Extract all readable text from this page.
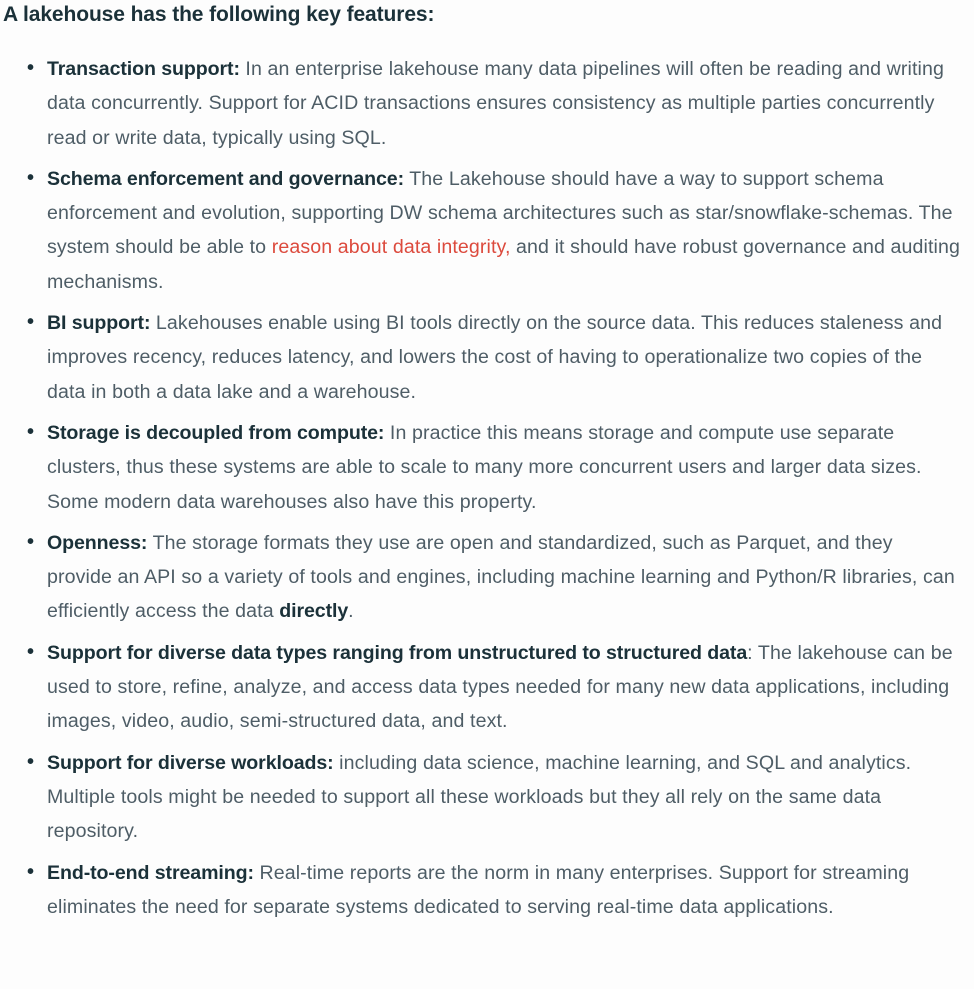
A lakehouse has the following key features:

• Transaction support: In an enterprise lakehouse many data pipelines will often be reading and writing data concurrently. Support for ACID transactions ensures consistency as multiple parties concurrently read or write data, typically using SQL.
• Schema enforcement and governance: The Lakehouse should have a way to support schema enforcement and evolution, supporting DW schema architectures such as star/snowflake-schemas. The system should be able to reason about data integrity, and it should have robust governance and auditing mechanisms.
• BI support: Lakehouses enable using BI tools directly on the source data. This reduces staleness and improves recency, reduces latency, and lowers the cost of having to operationalize two copies of the data in both a data lake and a warehouse.
• Storage is decoupled from compute: In practice this means storage and compute use separate clusters, thus these systems are able to scale to many more concurrent users and larger data sizes. Some modern data warehouses also have this property.
• Openness: The storage formats they use are open and standardized, such as Parquet, and they provide an API so a variety of tools and engines, including machine learning and Python/R libraries, can efficiently access the data directly.
• Support for diverse data types ranging from unstructured to structured data: The lakehouse can be used to store, refine, analyze, and access data types needed for many new data applications, including images, video, audio, semi-structured data, and text.
• Support for diverse workloads: including data science, machine learning, and SQL and analytics. Multiple tools might be needed to support all these workloads but they all rely on the same data repository.
• End-to-end streaming: Real-time reports are the norm in many enterprises. Support for streaming eliminates the need for separate systems dedicated to serving real-time data applications.
